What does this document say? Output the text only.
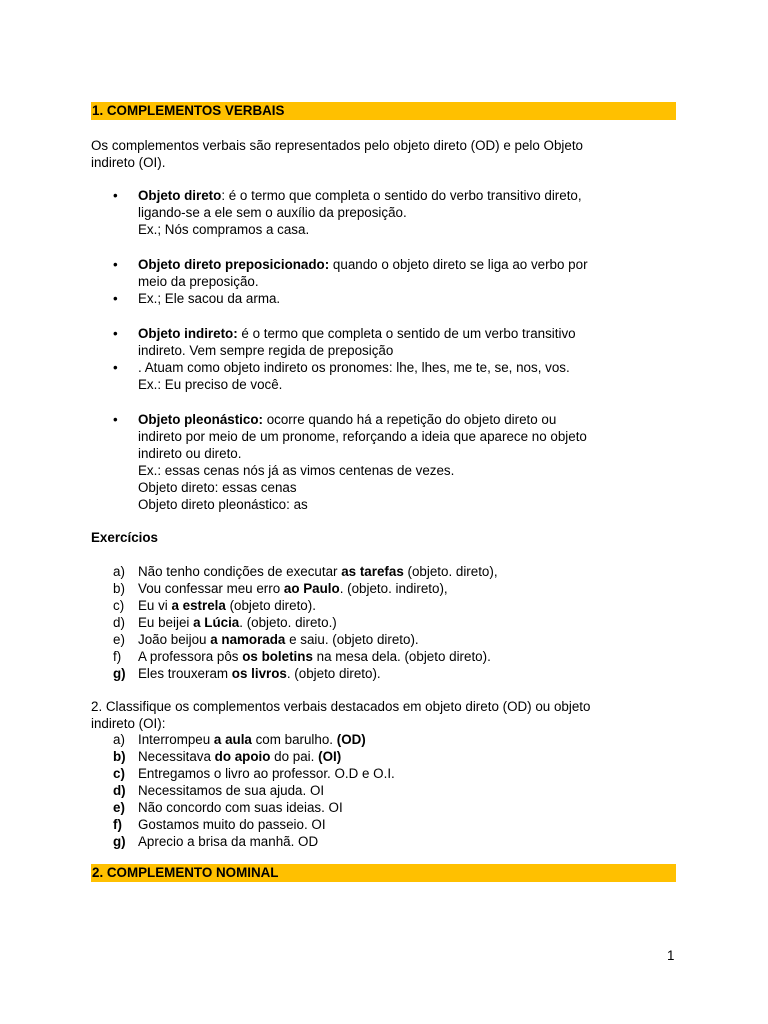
1. COMPLEMENTOS VERBAIS

Os complementos verbais são representados pelo objeto direto (OD) e pelo Objeto
indireto (OI).

• Objeto direto: é o termo que completa o sentido do verbo transitivo direto,
ligando-se a ele sem o auxílio da preposição.
Ex.; Nós compramos a casa.
• Objeto direto preposicionado: quando o objeto direto se liga ao verbo por
meio da preposição.
• Ex.; Ele sacou da arma.
• Objeto indireto: é o termo que completa o sentido de um verbo transitivo
indireto. Vem sempre regida de preposição
• . Atuam como objeto indireto os pronomes: lhe, lhes, me te, se, nos, vos.
Ex.: Eu preciso de você.
• Objeto pleonástico: ocorre quando há a repetição do objeto direto ou
indireto por meio de um pronome, reforçando a ideia que aparece no objeto
indireto ou direto.
Ex.: essas cenas nós já as vimos centenas de vezes.
Objeto direto: essas cenas
Objeto direto pleonástico: as
Exercícios
a) Não tenho condições de executar as tarefas (objeto. direto),
b) Vou confessar meu erro ao Paulo. (objeto. indireto),
c)	Eu vi a estrela (objeto direto).
d) Eu beijei a Lúcia. (objeto. direto.)
e) João beijou a namorada e saiu. (objeto direto).
f)	A professora pôs os boletins na mesa dela. (objeto direto).
g) Eles trouxeram os livros. (objeto direto).

2. Classifique os complementos verbais destacados em objeto direto (OD) ou objeto
indireto (OI):

a) Interrompeu a aula com barulho. (OD)
b) Necessitava do apoio do pai. (OI)
c) Entregamos o livro ao professor. O.D e O.I.
d) Necessitamos de sua ajuda. OI
e) Não concordo com suas ideias. OI
f)	Gostamos muito do passeio. OI
g) Aprecio a brisa da manhã. OD
2. COMPLEMENTO NOMINAL
1
